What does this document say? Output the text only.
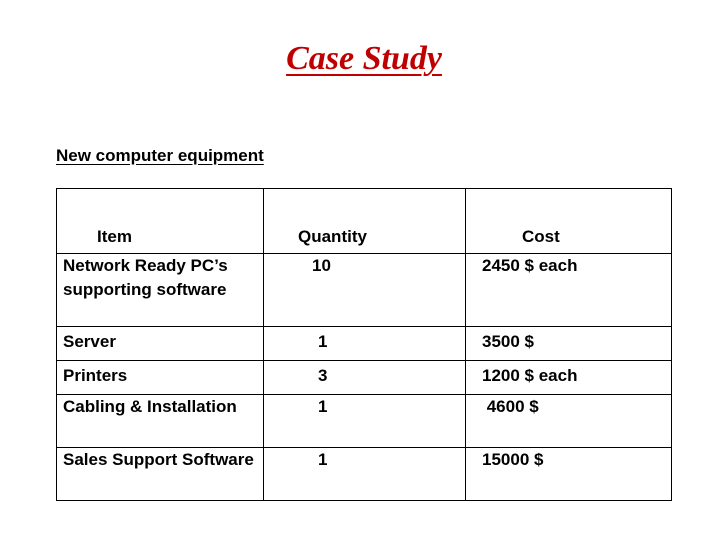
Case Study
New computer equipment
Item	Quantity	Cost
Network Ready PC’s supporting software	10	2450 $ each
Server	1	3500 $
Printers	3	1200 $ each
Cabling & Installation	1	4600 $
Sales Support Software	1	15000 $
